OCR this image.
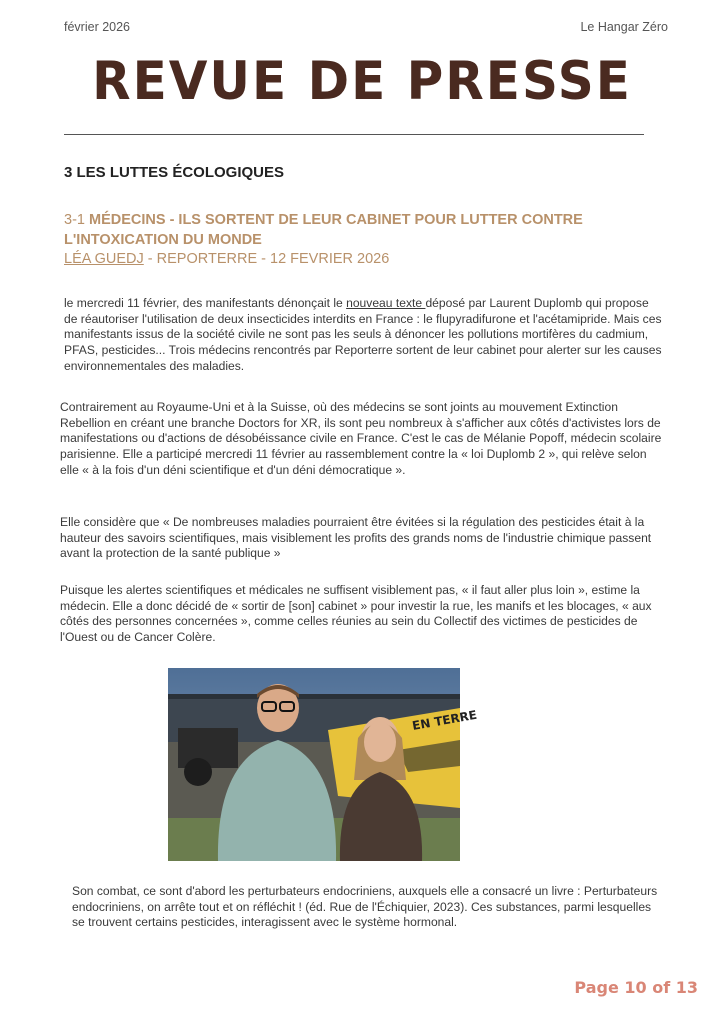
février 2026	Le Hangar Zéro
REVUE DE PRESSE
3 LES LUTTES ÉCOLOGIQUES
3-1 MÉDECINS - ILS SORTENT DE LEUR CABINET POUR LUTTER CONTRE L'INTOXICATION DU MONDE
LÉA GUEDJ - REPORTERRE - 12 FEVRIER 2026
le mercredi 11 février, des manifestants dénonçait le nouveau texte déposé par Laurent Duplomb qui propose de réautoriser l'utilisation de deux insecticides interdits en France : le flupyradifurone et l'acétamipride. Mais ces manifestants issus de la société civile ne sont pas les seuls à dénoncer les pollutions mortifères du cadmium, PFAS, pesticides... Trois médecins rencontrés par Reporterre sortent de leur cabinet pour alerter sur les causes environnementales des maladies.
Contrairement au Royaume-Uni et à la Suisse, où des médecins se sont joints au mouvement Extinction Rebellion en créant une branche Doctors for XR, ils sont peu nombreux à s'afficher aux côtés d'activistes lors de manifestations ou d'actions de désobéissance civile en France. C'est le cas de Mélanie Popoff, médecin scolaire parisienne. Elle a participé mercredi 11 février au rassemblement contre la « loi Duplomb 2 », qui relève selon elle « à la fois d'un déni scientifique et d'un déni démocratique ».
Elle considère que « De nombreuses maladies pourraient être évitées si la régulation des pesticides était à la hauteur des savoirs scientifiques, mais visiblement les profits des grands noms de l'industrie chimique passent avant la protection de la santé publique »
Puisque les alertes scientifiques et médicales ne suffisent visiblement pas, « il faut aller plus loin », estime la médecin. Elle a donc décidé de « sortir de [son] cabinet » pour investir la rue, les manifs et les blocages, « aux côtés des personnes concernées », comme celles réunies au sein du Collectif des victimes de pesticides de l'Ouest ou de Cancer Colère.
EN TERRE
Son combat, ce sont d'abord les perturbateurs endocriniens, auxquels elle a consacré un livre : Perturbateurs endocriniens, on arrête tout et on réfléchit ! (éd. Rue de l'Échiquier, 2023). Ces substances, parmi lesquelles se trouvent certains pesticides, interagissent avec le système hormonal.
Page 10 of 13
